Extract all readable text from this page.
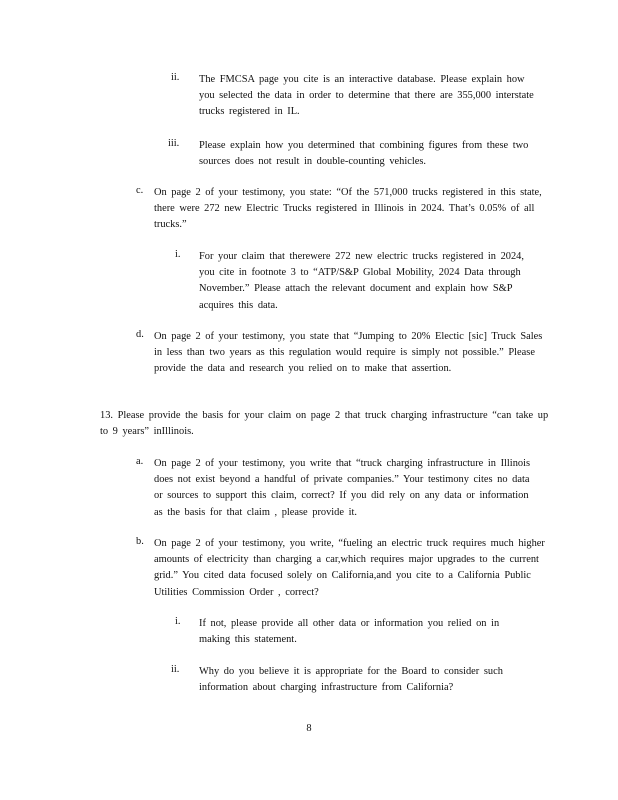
ii. The FMCSA page you cite is an interactive database. Please explain how you selected the data in order to determine that there are 355,000 interstate trucks registered in IL.
iii. Please explain how you determined that combining figures from these two sources does not result in double-counting vehicles.
c. On page 2 of your testimony, you state: “Of the 571,000 trucks registered in this state, there were 272 new Electric Trucks registered in Illinois in 2024. That’s 0.05% of all trucks.”
i. For your claim that therewere 272 new electric trucks registered in 2024, you cite in footnote 3 to “ATP/S&P Global Mobility, 2024 Data through November.” Please attach the relevant document and explain how S&P acquires this data.
d. On page 2 of your testimony, you state that “Jumping to 20% Electic [sic] Truck Sales in less than two years as this regulation would require is simply not possible.” Please provide the data and research you relied on to make that assertion.
13. Please provide the basis for your claim on page 2 that truck charging infrastructure “can take up to 9 years” inIllinois.
a. On page 2 of your testimony, you write that “truck charging infrastructure in Illinois does not exist beyond a handful of private companies.” Your testimony cites no data or sources to support this claim, correct? If you did rely on any data or information as the basis for that claim , please provide it.
b. On page 2 of your testimony, you write, “fueling an electric truck requires much higher amounts of electricity than charging a car,which requires major upgrades to the current grid.” You cited data focused solely on California,and you cite to a California Public Utilities Commission Order , correct?
i. If not, please provide all other data or information you relied on in making this statement.
ii. Why do you believe it is appropriate for the Board to consider such information about charging infrastructure from California?
8
